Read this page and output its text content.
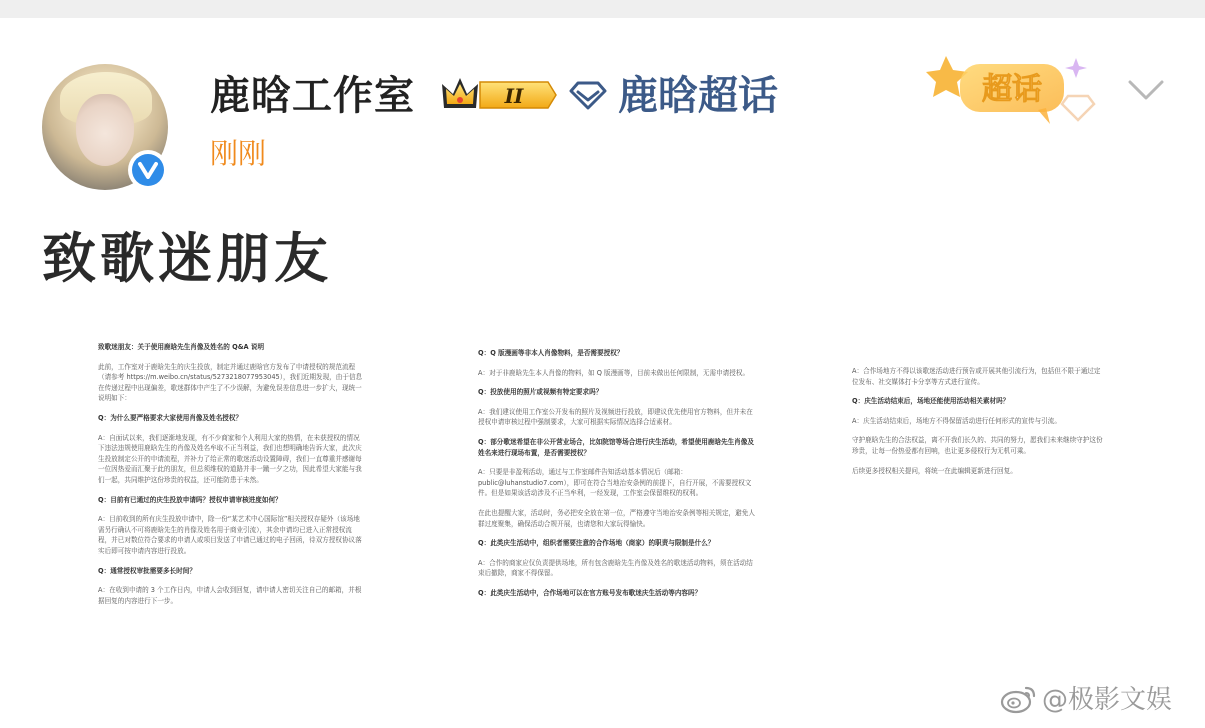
鹿晗工作室	II 鹿晗超话
刚刚
超话
致歌迷朋友

致歌迷朋友：关于使用鹿晗先生肖像及姓名的 Q&A 说明

此前，工作室对于鹿晗先生的庆生投放，制定并通过鹿晗官方发布了申请授权的规范流程（请参考 https://m.weibo.cn/status/5273218077953045），我们近期发现，由于信息在传递过程中出现偏差，歌迷群体中产生了不少误解，为避免误差信息进一步扩大，现统一说明如下：

Q：为什么要严格要求大家使用肖像及姓名授权？

A：自面试以来，我们逐渐地发现，有不少商家和个人利用大家的热情，在未获授权的情况下违法违规使用鹿晗先生的肖像及姓名牟取不正当利益，我们也想明确地告诉大家，此次庆生投放制定公开的申请流程，并补力了给正常的歌迷活动设置障碍，我们一直尊重并感谢每一位因热爱而汇聚于此的朋友，但总须维权的道路并非一蹴一夕之功，因此希望大家能与我们一起，共同维护这份珍贵的权益，还可能防患于未然。

Q：目前有已通过的庆生投放申请吗？授权申请审核进度如何？

A：目前收到的所有庆生投放申请中，除一份“某艺术中心国际馆”相关授权存疑外（该场地需另行确认不可将鹿晗先生的肖像及姓名用于商业引流），其余申请均已进入正常授权流程，并已对数位符合要求的申请人或项目发送了申请已通过的电子回函，待双方授权协议落实后即可按申请内容进行投放。

Q：通常授权审批需要多长时间？

A：在收到申请的 3 个工作日内，申请人会收到回复，请申请人密切关注自己的邮箱，并根据回复的内容进行下一步。

Q：Q 版漫画等非本人肖像物料，是否需要授权？

A：对于非鹿晗先生本人肖像的物料，如 Q 版漫画等，目前未做出任何限制，无需申请授权。

Q：投放使用的照片或视频有特定要求吗？

A：我们建议使用工作室公开发布的照片及视频进行投放，即建议优先使用官方物料，但并未在授权申请审核过程中强制要求，大家可根据实际情况选择合适素材。

Q：部分歌迷希望在非公开营业场合，比如院馆等场合进行庆生活动，希望使用鹿晗先生肖像及姓名来进行现场布置，是否需要授权？

A：只要是非盈利活动，通过与工作室邮件告知活动基本情况后（邮箱：public@luhanstudio7.com），即可在符合当地治安条例的前提下，自行开展，不需要授权文件。但是如果该活动涉及不正当牟利，一经发现，工作室会保留维权的权利。

在此也提醒大家，活动时，务必把安全放在第一位，严格遵守当地治安条例等相关规定，避免人群过度聚集，确保活动合规开展，也请您和大家玩得愉快。

Q：此类庆生活动中，组织者需要注意的合作场地（商家）的职责与限制是什么？

A：合作的商家应仅负责提供场地，所有包含鹿晗先生肖像及姓名的歌迷活动物料，须在活动结束后撤除，商家不得保留。

Q：此类庆生活动中，合作场地可以在官方账号发布歌迷庆生活动等内容吗？

A：合作场地方不得以该歌迷活动进行预告或开展其他引流行为，包括但不限于通过定位发布、社交媒体打卡分享等方式进行宣传。

Q：庆生活动结束后，场地还能使用活动相关素材吗？

A：庆生活动结束后，场地方不得保留活动进行任何形式的宣传与引流。

守护鹿晗先生的合法权益，离不开我们长久的、共同的努力，愿我们未来继续守护这份珍贵，让每一份热爱都有回响，也让更多侵权行为无机可乘。

后续更多授权相关提问，将统一在此编辑更新进行回复。

@极影文娱
